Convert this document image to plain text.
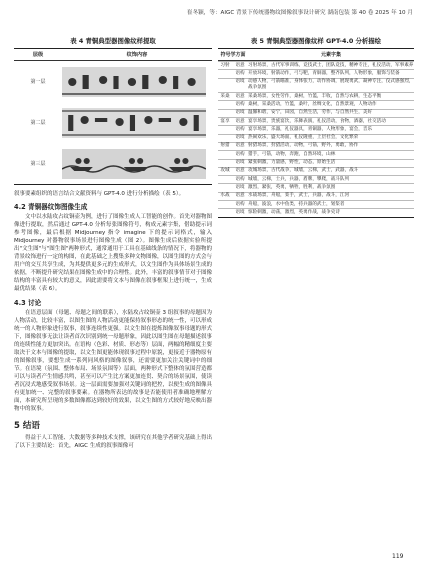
崔冬颖，等：AIGC 背景下传统器物纹图像叙事设计研究 湖南包装 第 40 卷 2025 年 10 月
表 4 青铜典型器图像纹样提取
层级	纹饰内容
第一层
第二层
第三层
叙事要素组织的语言结合文献资料与 GPT-4.0 进行分析描绘（表 5）。
4.2 青铜器纹饰图像生成
文中以水陆攻占纹铜壶为例，进行了图像生成人工智能的创作。首先对器物图像进行提取，然后通过 GPT-4.0 分析每张图像符号，构成元素字集，借助提示词参考图像，最后根据 Midjourney 指令 imagine 下的提示词格式，输入 Midjourney 对器物叙事场景进行图像生成（图 2）。图像生成后依据实验所提出"文生图"与"图生图"两种形式，通常通用于工具在基础线条的情况下，将器物的背景纹饰进行一定的构图，在此基础之上搜集多种文物图像，以图生图的方式会与用户的交互共享生成，为其提供更多元的生成形式，以文生图作为具体场景生成的依据，不断提升研究结果在图像生成中的合理性。此外，丰富的叙事情节对于图像结构的丰富具有较大的意义，因此需要将文本与图像在叙事框架上进行统一，生成最优结果（表 6）。
4.3 讨论
在语意层面（母题、母题之间的联系），水陆攻占纹铜壶 3 组叙事的母题因为人物活动，比较丰富，以图生图的人物活动更能保持叙事形态的统一性，可以形成统一的人物形象进行叙事，叙事连续性更强。以文生图在提炼图像叙事母题的形式下，图像叙事无法让读者首次识别到统一母题形象，因此以图生图在母题描述叙事的连续性能力更加突出。在语构（色彩、材质、形态等）层面，两幅的精细度主要取决于文本与图像的提取，以文生图更能体现叙事过程中原貌，更接近于器物原有的图像叙事，要想生成一系列同风格的图像叙事，还需要更加关注关键词中的细节。在语境（氛围、整体布局、场景氛围等）层面，两种形式下整体的氛围营造都可以与读者产生情感共鸣，甚至可以产生比方案更加连贯、契合的场景氛围，使读者沉浸式地感受叙事场景。这一层面需要加强对关键词的把控，以便生成的图像具有更加统一、完整的叙事要素。在器物所表达的故事是否能使用者准确地理解方面，本研究所呈现的多数图像都达到较好的效果，以文生图的方式较好地反映出器物中的叙事。
5 结语
得益于人工智能、大数据等多种技术支撑，该研究在其他学者研究基础上得出了以下主要结论：首先，AIGC 生成的叙事图像可
表 5 青铜典型器图像纹样 GPT-4.0 分析描绘
符号学方面	元素字集
习射	语意 习射场景，古代军事训练，竞技武士，团队竞技，精神专注，礼仪活动，军事素养
语构 开放环境，射箭动作，弓与靶，青铜器，整齐队列，人物形象，服饰与装备
语境 动感人物，弓箭瞄准，身体张力，动作协调，展现勇武，凝神专注，仪式感强烈，战争氛围
采桑	语意 采桑场景，女性劳作，桑树，竹篮，丰收，自然与农耕，生态平衡
语构 桑树，采桑活动，竹篮，桑叶，丝绸文化，自然景观，人物动作
语境 温馨和谐，安宁，田园，自然生活，劳作，与自然共生，美好
宴享	语意 宴享场景，贵族宴饮，乐舞表演，礼仪活动，食物，酒器，社交活动
语构 宴享场景，乐器，礼仪器具，青铜器，人物形象，宴会，音乐
语境 热闹欢乐，盛大场面，礼仪隆重，上层社会，文化繁荣
射猎	语意 射猎场景，狩猎活动，动物，弓箭，野外，勇敢，协作
语构 猎手，弓箭，动物，奔跑，自然环境，山林
语境 紧张刺激，力量感，野性，动态，原始生活
攻城	语意 攻城场景，古代战争，城墙，云梯，武士，武器，战斗
语构 城墙，云梯，士兵，兵器，盾牌，攀爬，战斗队列
语境 激烈，紧张，英勇，牺牲，胜利，战争氛围
水战	语意 水战场景，舟船，桨手，武士，兵器，战斗，江河
语构 舟船，波浪，水中鱼类，持兵器的武士，划桨者
语境 惊险刺激，动荡，激烈，英勇作战，战争史诗
119
